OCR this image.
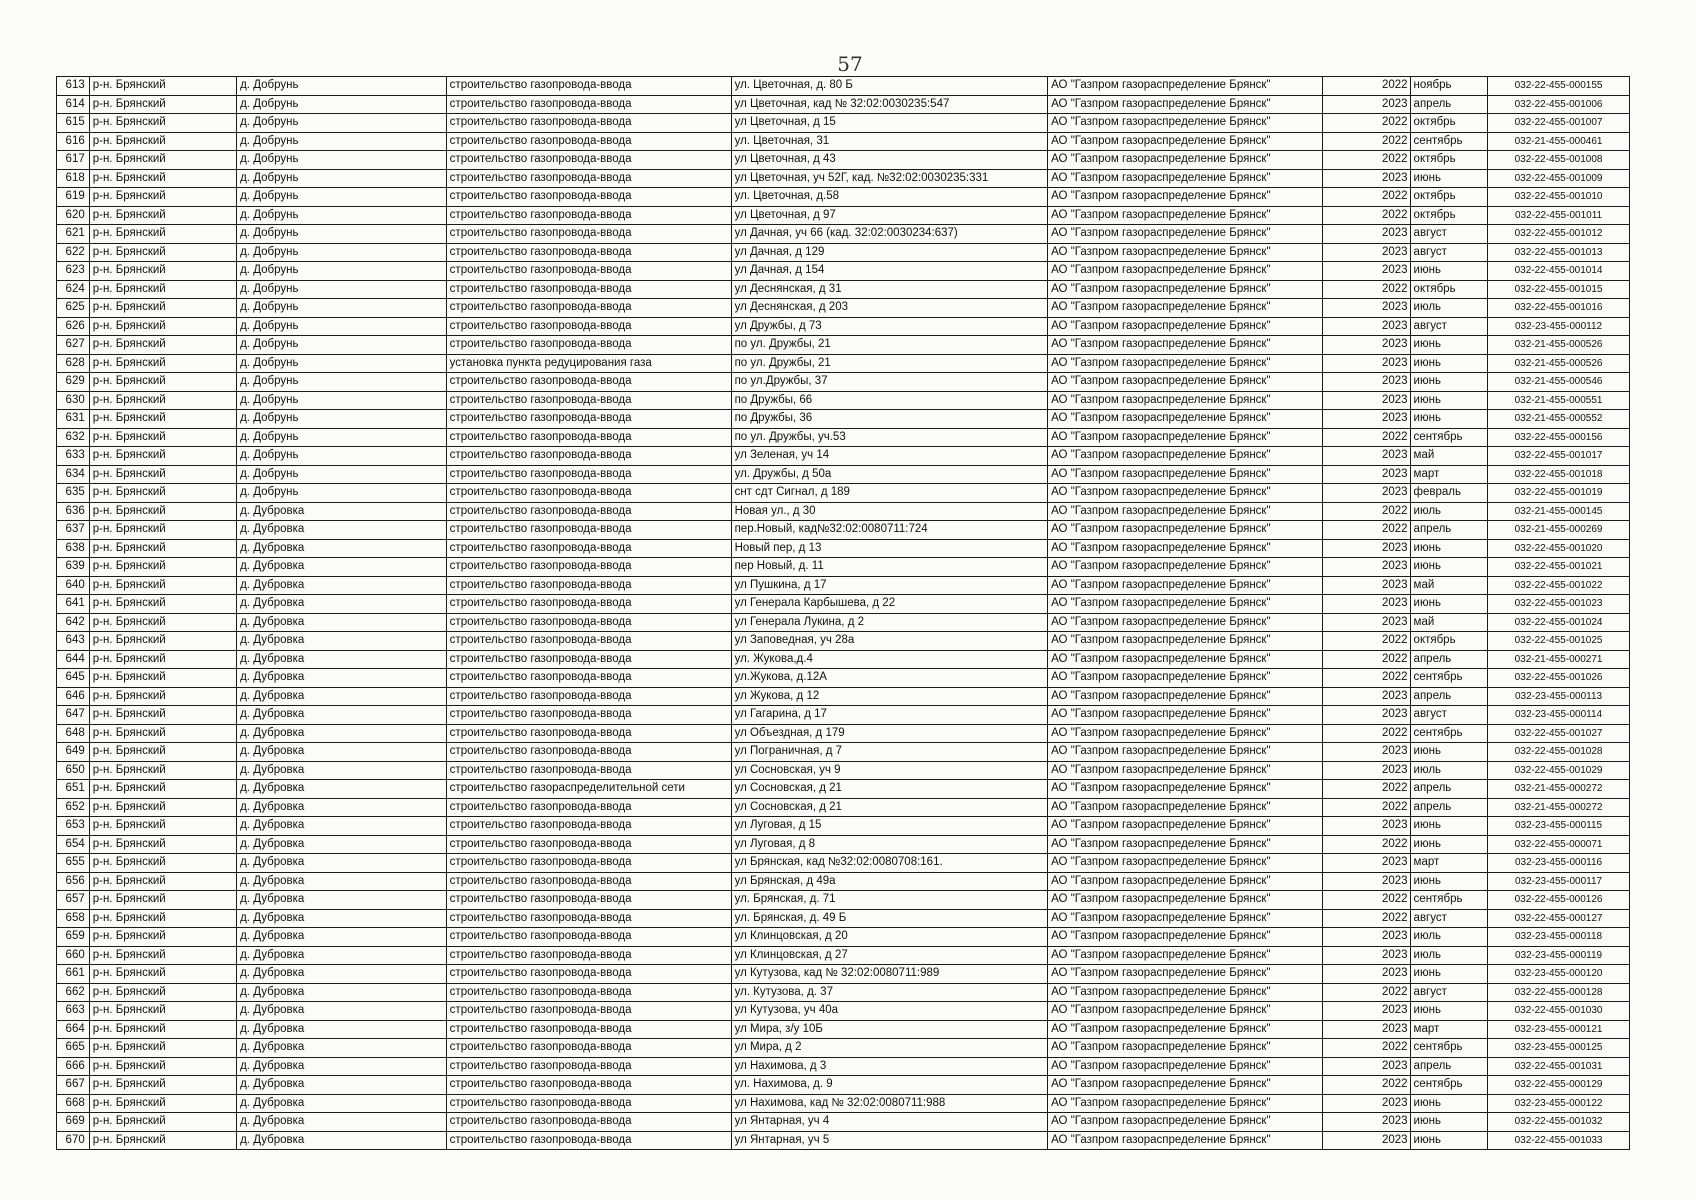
57
613	р-н. Брянский	д. Добрунь	строительство газопровода-ввода	ул. Цветочная, д. 80 Б	АО "Газпром газораспределение Брянск"	2022	ноябрь	032-22-455-000155
614	р-н. Брянский	д. Добрунь	строительство газопровода-ввода	ул Цветочная, кад № 32:02:0030235:547	АО "Газпром газораспределение Брянск"	2023	апрель	032-22-455-001006
615	р-н. Брянский	д. Добрунь	строительство газопровода-ввода	ул Цветочная, д 15	АО "Газпром газораспределение Брянск"	2022	октябрь	032-22-455-001007
616	р-н. Брянский	д. Добрунь	строительство газопровода-ввода	ул. Цветочная, 31	АО "Газпром газораспределение Брянск"	2022	сентябрь	032-21-455-000461
617	р-н. Брянский	д. Добрунь	строительство газопровода-ввода	ул Цветочная, д 43	АО "Газпром газораспределение Брянск"	2022	октябрь	032-22-455-001008
618	р-н. Брянский	д. Добрунь	строительство газопровода-ввода	ул Цветочная, уч 52Г, кад. №32:02:0030235:331	АО "Газпром газораспределение Брянск"	2023	июнь	032-22-455-001009
619	р-н. Брянский	д. Добрунь	строительство газопровода-ввода	ул. Цветочная, д.58	АО "Газпром газораспределение Брянск"	2022	октябрь	032-22-455-001010
620	р-н. Брянский	д. Добрунь	строительство газопровода-ввода	ул Цветочная, д 97	АО "Газпром газораспределение Брянск"	2022	октябрь	032-22-455-001011
621	р-н. Брянский	д. Добрунь	строительство газопровода-ввода	ул Дачная, уч 66 (кад. 32:02:0030234:637)	АО "Газпром газораспределение Брянск"	2023	август	032-22-455-001012
622	р-н. Брянский	д. Добрунь	строительство газопровода-ввода	ул Дачная, д 129	АО "Газпром газораспределение Брянск"	2023	август	032-22-455-001013
623	р-н. Брянский	д. Добрунь	строительство газопровода-ввода	ул Дачная, д 154	АО "Газпром газораспределение Брянск"	2023	июнь	032-22-455-001014
624	р-н. Брянский	д. Добрунь	строительство газопровода-ввода	ул Деснянская, д 31	АО "Газпром газораспределение Брянск"	2022	октябрь	032-22-455-001015
625	р-н. Брянский	д. Добрунь	строительство газопровода-ввода	ул Деснянская, д 203	АО "Газпром газораспределение Брянск"	2023	июль	032-22-455-001016
626	р-н. Брянский	д. Добрунь	строительство газопровода-ввода	ул Дружбы, д 73	АО "Газпром газораспределение Брянск"	2023	август	032-23-455-000112
627	р-н. Брянский	д. Добрунь	строительство газопровода-ввода	по ул. Дружбы, 21	АО "Газпром газораспределение Брянск"	2023	июнь	032-21-455-000526
628	р-н. Брянский	д. Добрунь	установка пункта редуцирования газа	по ул. Дружбы, 21	АО "Газпром газораспределение Брянск"	2023	июнь	032-21-455-000526
629	р-н. Брянский	д. Добрунь	строительство газопровода-ввода	по ул.Дружбы, 37	АО "Газпром газораспределение Брянск"	2023	июнь	032-21-455-000546
630	р-н. Брянский	д. Добрунь	строительство газопровода-ввода	по Дружбы, 66	АО "Газпром газораспределение Брянск"	2023	июнь	032-21-455-000551
631	р-н. Брянский	д. Добрунь	строительство газопровода-ввода	по Дружбы, 36	АО "Газпром газораспределение Брянск"	2023	июнь	032-21-455-000552
632	р-н. Брянский	д. Добрунь	строительство газопровода-ввода	по ул. Дружбы, уч.53	АО "Газпром газораспределение Брянск"	2022	сентябрь	032-22-455-000156
633	р-н. Брянский	д. Добрунь	строительство газопровода-ввода	ул Зеленая, уч 14	АО "Газпром газораспределение Брянск"	2023	май	032-22-455-001017
634	р-н. Брянский	д. Добрунь	строительство газопровода-ввода	ул. Дружбы, д 50а	АО "Газпром газораспределение Брянск"	2023	март	032-22-455-001018
635	р-н. Брянский	д. Добрунь	строительство газопровода-ввода	снт сдт Сигнал, д 189	АО "Газпром газораспределение Брянск"	2023	февраль	032-22-455-001019
636	р-н. Брянский	д. Дубровка	строительство газопровода-ввода	Новая ул., д 30	АО "Газпром газораспределение Брянск"	2022	июль	032-21-455-000145
637	р-н. Брянский	д. Дубровка	строительство газопровода-ввода	пер.Новый, кад№32:02:0080711:724	АО "Газпром газораспределение Брянск"	2022	апрель	032-21-455-000269
638	р-н. Брянский	д. Дубровка	строительство газопровода-ввода	Новый пер, д 13	АО "Газпром газораспределение Брянск"	2023	июнь	032-22-455-001020
639	р-н. Брянский	д. Дубровка	строительство газопровода-ввода	пер Новый, д. 11	АО "Газпром газораспределение Брянск"	2023	июнь	032-22-455-001021
640	р-н. Брянский	д. Дубровка	строительство газопровода-ввода	ул Пушкина, д 17	АО "Газпром газораспределение Брянск"	2023	май	032-22-455-001022
641	р-н. Брянский	д. Дубровка	строительство газопровода-ввода	ул Генерала Карбышева, д 22	АО "Газпром газораспределение Брянск"	2023	июнь	032-22-455-001023
642	р-н. Брянский	д. Дубровка	строительство газопровода-ввода	ул Генерала Лукина, д 2	АО "Газпром газораспределение Брянск"	2023	май	032-22-455-001024
643	р-н. Брянский	д. Дубровка	строительство газопровода-ввода	ул Заповедная, уч 28а	АО "Газпром газораспределение Брянск"	2022	октябрь	032-22-455-001025
644	р-н. Брянский	д. Дубровка	строительство газопровода-ввода	ул. Жукова,д.4	АО "Газпром газораспределение Брянск"	2022	апрель	032-21-455-000271
645	р-н. Брянский	д. Дубровка	строительство газопровода-ввода	ул.Жукова, д.12А	АО "Газпром газораспределение Брянск"	2022	сентябрь	032-22-455-001026
646	р-н. Брянский	д. Дубровка	строительство газопровода-ввода	ул Жукова, д 12	АО "Газпром газораспределение Брянск"	2023	апрель	032-23-455-000113
647	р-н. Брянский	д. Дубровка	строительство газопровода-ввода	ул Гагарина, д 17	АО "Газпром газораспределение Брянск"	2023	август	032-23-455-000114
648	р-н. Брянский	д. Дубровка	строительство газопровода-ввода	ул Объездная, д 179	АО "Газпром газораспределение Брянск"	2022	сентябрь	032-22-455-001027
649	р-н. Брянский	д. Дубровка	строительство газопровода-ввода	ул Пограничная, д 7	АО "Газпром газораспределение Брянск"	2023	июнь	032-22-455-001028
650	р-н. Брянский	д. Дубровка	строительство газопровода-ввода	ул Сосновская, уч 9	АО "Газпром газораспределение Брянск"	2023	июль	032-22-455-001029
651	р-н. Брянский	д. Дубровка	строительство газораспределительной сети	ул Сосновская, д 21	АО "Газпром газораспределение Брянск"	2022	апрель	032-21-455-000272
652	р-н. Брянский	д. Дубровка	строительство газопровода-ввода	ул Сосновская, д 21	АО "Газпром газораспределение Брянск"	2022	апрель	032-21-455-000272
653	р-н. Брянский	д. Дубровка	строительство газопровода-ввода	ул Луговая, д 15	АО "Газпром газораспределение Брянск"	2023	июнь	032-23-455-000115
654	р-н. Брянский	д. Дубровка	строительство газопровода-ввода	ул Луговая, д 8	АО "Газпром газораспределение Брянск"	2022	июнь	032-22-455-000071
655	р-н. Брянский	д. Дубровка	строительство газопровода-ввода	ул Брянская, кад №32:02:0080708:161.	АО "Газпром газораспределение Брянск"	2023	март	032-23-455-000116
656	р-н. Брянский	д. Дубровка	строительство газопровода-ввода	ул Брянская, д 49а	АО "Газпром газораспределение Брянск"	2023	июнь	032-23-455-000117
657	р-н. Брянский	д. Дубровка	строительство газопровода-ввода	ул. Брянская, д. 71	АО "Газпром газораспределение Брянск"	2022	сентябрь	032-22-455-000126
658	р-н. Брянский	д. Дубровка	строительство газопровода-ввода	ул. Брянская, д. 49 Б	АО "Газпром газораспределение Брянск"	2022	август	032-22-455-000127
659	р-н. Брянский	д. Дубровка	строительство газопровода-ввода	ул Клинцовская, д 20	АО "Газпром газораспределение Брянск"	2023	июль	032-23-455-000118
660	р-н. Брянский	д. Дубровка	строительство газопровода-ввода	ул Клинцовская, д 27	АО "Газпром газораспределение Брянск"	2023	июль	032-23-455-000119
661	р-н. Брянский	д. Дубровка	строительство газопровода-ввода	ул Кутузова, кад № 32:02:0080711:989	АО "Газпром газораспределение Брянск"	2023	июнь	032-23-455-000120
662	р-н. Брянский	д. Дубровка	строительство газопровода-ввода	ул. Кутузова, д. 37	АО "Газпром газораспределение Брянск"	2022	август	032-22-455-000128
663	р-н. Брянский	д. Дубровка	строительство газопровода-ввода	ул Кутузова, уч 40а	АО "Газпром газораспределение Брянск"	2023	июнь	032-22-455-001030
664	р-н. Брянский	д. Дубровка	строительство газопровода-ввода	ул Мира, з/у 10Б	АО "Газпром газораспределение Брянск"	2023	март	032-23-455-000121
665	р-н. Брянский	д. Дубровка	строительство газопровода-ввода	ул Мира, д 2	АО "Газпром газораспределение Брянск"	2022	сентябрь	032-23-455-000125
666	р-н. Брянский	д. Дубровка	строительство газопровода-ввода	ул Нахимова, д 3	АО "Газпром газораспределение Брянск"	2023	апрель	032-22-455-001031
667	р-н. Брянский	д. Дубровка	строительство газопровода-ввода	ул. Нахимова, д. 9	АО "Газпром газораспределение Брянск"	2022	сентябрь	032-22-455-000129
668	р-н. Брянский	д. Дубровка	строительство газопровода-ввода	ул Нахимова, кад № 32:02:0080711:988	АО "Газпром газораспределение Брянск"	2023	июнь	032-23-455-000122
669	р-н. Брянский	д. Дубровка	строительство газопровода-ввода	ул Янтарная, уч 4	АО "Газпром газораспределение Брянск"	2023	июнь	032-22-455-001032
670	р-н. Брянский	д. Дубровка	строительство газопровода-ввода	ул Янтарная, уч 5	АО "Газпром газораспределение Брянск"	2023	июнь	032-22-455-001033
